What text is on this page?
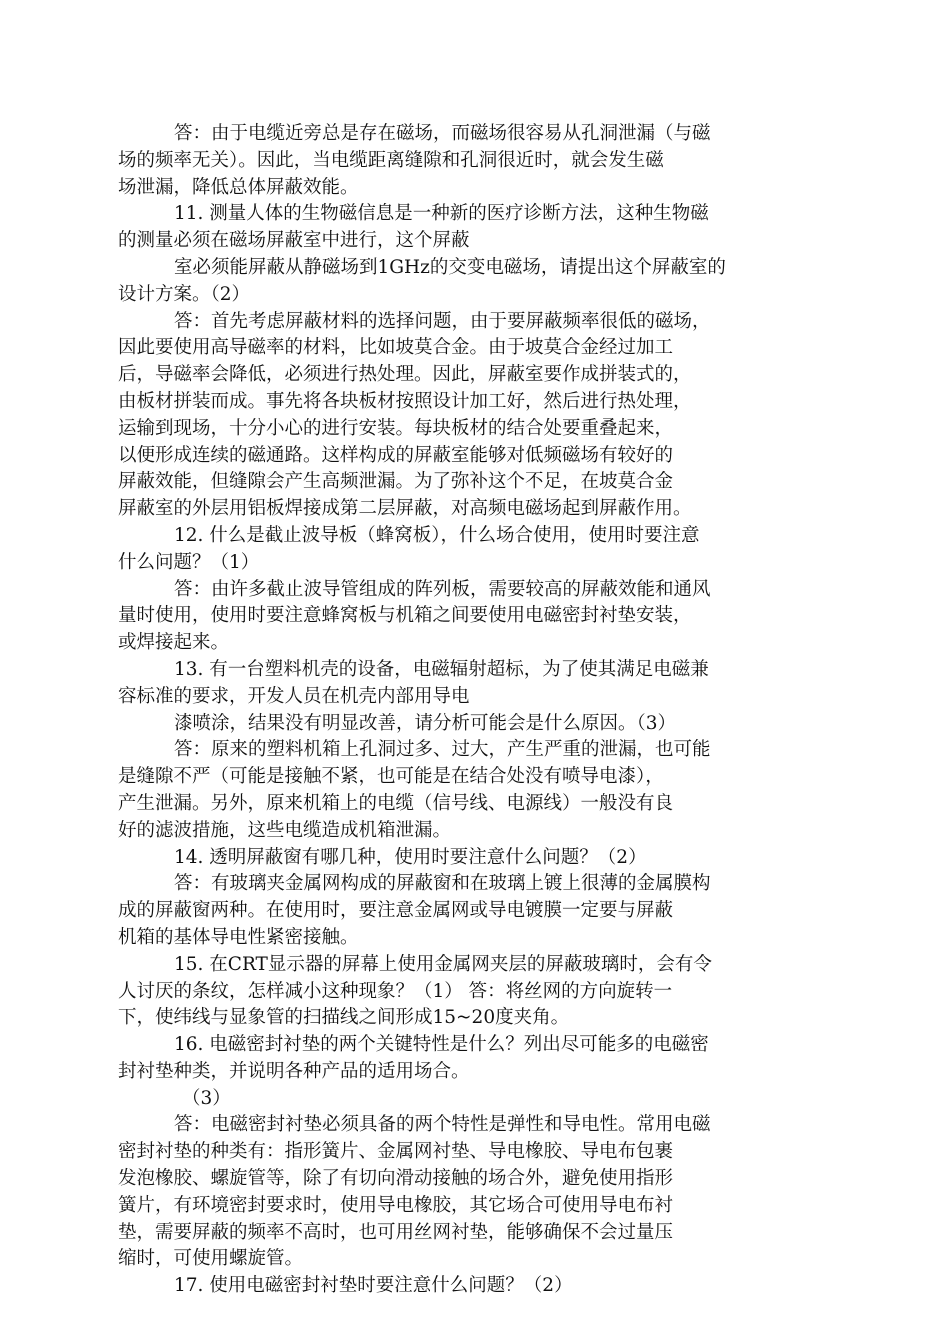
答：由于电缆近旁总是存在磁场，而磁场很容易从孔洞泄漏（与磁
场的频率无关）。因此，当电缆距离缝隙和孔洞很近时，就会发生磁
场泄漏，降低总体屏蔽效能。
11. 测量人体的生物磁信息是一种新的医疗诊断方法，这种生物磁
的测量必须在磁场屏蔽室中进行，这个屏蔽
室必须能屏蔽从静磁场到1GHz的交变电磁场，请提出这个屏蔽室的
设计方案。（2）
答：首先考虑屏蔽材料的选择问题，由于要屏蔽频率很低的磁场，
因此要使用高导磁率的材料，比如坡莫合金。由于坡莫合金经过加工
后，导磁率会降低，必须进行热处理。因此，屏蔽室要作成拼装式的，
由板材拼装而成。事先将各块板材按照设计加工好，然后进行热处理，
运输到现场，十分小心的进行安装。每块板材的结合处要重叠起来，
以便形成连续的磁通路。这样构成的屏蔽室能够对低频磁场有较好的
屏蔽效能，但缝隙会产生高频泄漏。为了弥补这个不足，在坡莫合金
屏蔽室的外层用铝板焊接成第二层屏蔽，对高频电磁场起到屏蔽作用。
12. 什么是截止波导板（蜂窝板），什么场合使用，使用时要注意
什么问题？（1）
答：由许多截止波导管组成的阵列板，需要较高的屏蔽效能和通风
量时使用，使用时要注意蜂窝板与机箱之间要使用电磁密封衬垫安装，
或焊接起来。
13. 有一台塑料机壳的设备，电磁辐射超标，为了使其满足电磁兼
容标准的要求，开发人员在机壳内部用导电
漆喷涂，结果没有明显改善，请分析可能会是什么原因。（3）
答：原来的塑料机箱上孔洞过多、过大，产生严重的泄漏，也可能
是缝隙不严（可能是接触不紧，也可能是在结合处没有喷导电漆），
产生泄漏。另外，原来机箱上的电缆（信号线、电源线）一般没有良
好的滤波措施，这些电缆造成机箱泄漏。
14. 透明屏蔽窗有哪几种，使用时要注意什么问题？（2）
答：有玻璃夹金属网构成的屏蔽窗和在玻璃上镀上很薄的金属膜构
成的屏蔽窗两种。在使用时，要注意金属网或导电镀膜一定要与屏蔽
机箱的基体导电性紧密接触。
15. 在CRT显示器的屏幕上使用金属网夹层的屏蔽玻璃时，会有令
人讨厌的条纹，怎样减小这种现象？（1） 答：将丝网的方向旋转一
下，使纬线与显象管的扫描线之间形成15~20度夹角。
16. 电磁密封衬垫的两个关键特性是什么？列出尽可能多的电磁密
封衬垫种类，并说明各种产品的适用场合。
（3）
答：电磁密封衬垫必须具备的两个特性是弹性和导电性。常用电磁
密封衬垫的种类有：指形簧片、金属网衬垫、导电橡胶、导电布包裹
发泡橡胶、螺旋管等，除了有切向滑动接触的场合外，避免使用指形
簧片，有环境密封要求时，使用导电橡胶，其它场合可使用导电布衬
垫，需要屏蔽的频率不高时，也可用丝网衬垫，能够确保不会过量压
缩时，可使用螺旋管。
17. 使用电磁密封衬垫时要注意什么问题？（2）
